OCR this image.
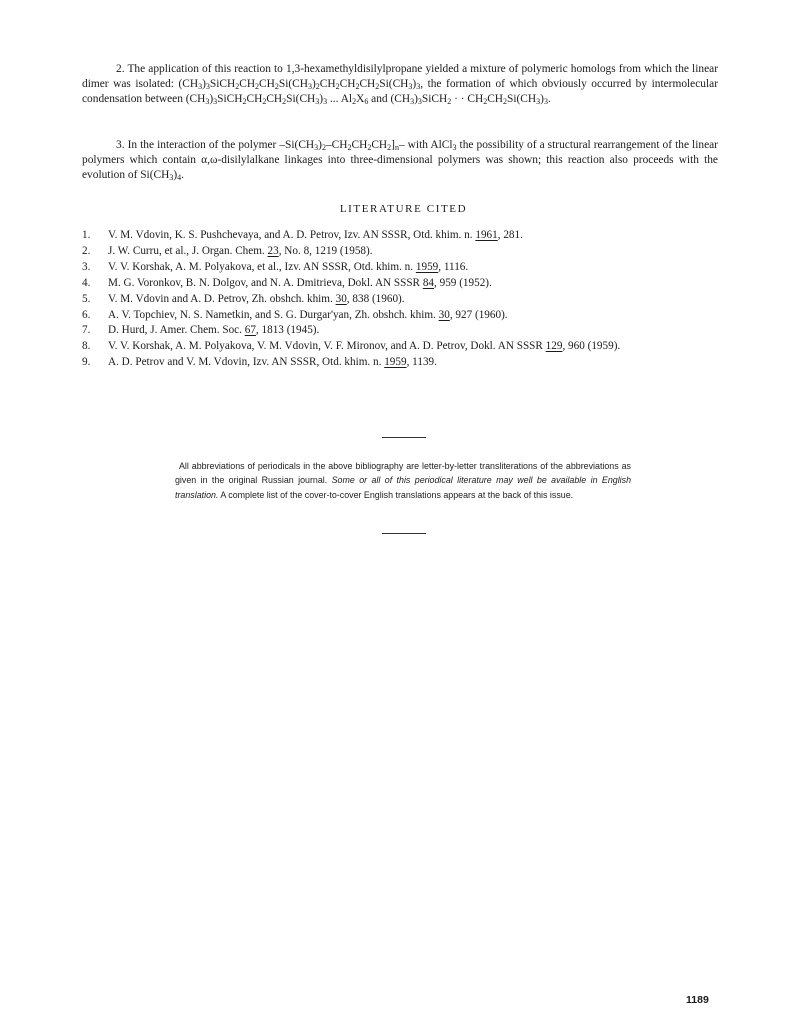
2. The application of this reaction to 1,3-hexamethyldisilylpropane yielded a mixture of polymeric homologs from which the linear dimer was isolated: $(CH_3)_3SiCH_2CH_2CH_2Si(CH_3)_2CH_2CH_2CH_2Si(CH_3)_3$, the formation of which obviously occurred by intermolecular condensation between $(CH_3)_3SiCH_2CH_2CH_2Si(CH_3)_3$ ... $Al_2X_6$ and $(CH_3)_3SiCH_2$ · · $CH_2CH_2Si(CH_3)_3$.

3. In the interaction of the polymer $-Si(CH_3)_2-CH_2CH_2CH_2]_n-$ with AlCl$_3$ the possibility of a structural rearrangement of the linear polymers which contain α,ω-disilylalkane linkages into three-dimensional polymers was shown; this reaction also proceeds with the evolution of $Si(CH_3)_4$.

LITERATURE CITED
1. V. M. Vdovin, K. S. Pushchevaya, and A. D. Petrov, Izv. AN SSSR, Otd. khim. n. 1961, 281.
2. J. W. Curru, et al., J. Organ. Chem. 23, No. 8, 1219 (1958).
3. V. V. Korshak, A. M. Polyakova, et al., Izv. AN SSSR, Otd. khim. n. 1959, 1116.
4. M. G. Voronkov, B. N. Dolgov, and N. A. Dmitrieva, Dokl. AN SSSR 84, 959 (1952).
5. V. M. Vdovin and A. D. Petrov, Zh. obshch. khim. 30, 838 (1960).
6. A. V. Topchiev, N. S. Nametkin, and S. G. Durgar'yan, Zh. obshch. khim. 30, 927 (1960).
7. D. Hurd, J. Amer. Chem. Soc. 67, 1813 (1945).
8. V. V. Korshak, A. M. Polyakova, V. M. Vdovin, V. F. Mironov, and A. D. Petrov, Dokl. AN SSSR 129, 960 (1959).
9. A. D. Petrov and V. M. Vdovin, Izv. AN SSSR, Otd. khim. n. 1959, 1139.

All abbreviations of periodicals in the above bibliography are letter-by-letter transliterations of the abbreviations as given in the original Russian journal. Some or all of this periodical literature may well be available in English translation. A complete list of the cover-to-cover English translations appears at the back of this issue.

1189
